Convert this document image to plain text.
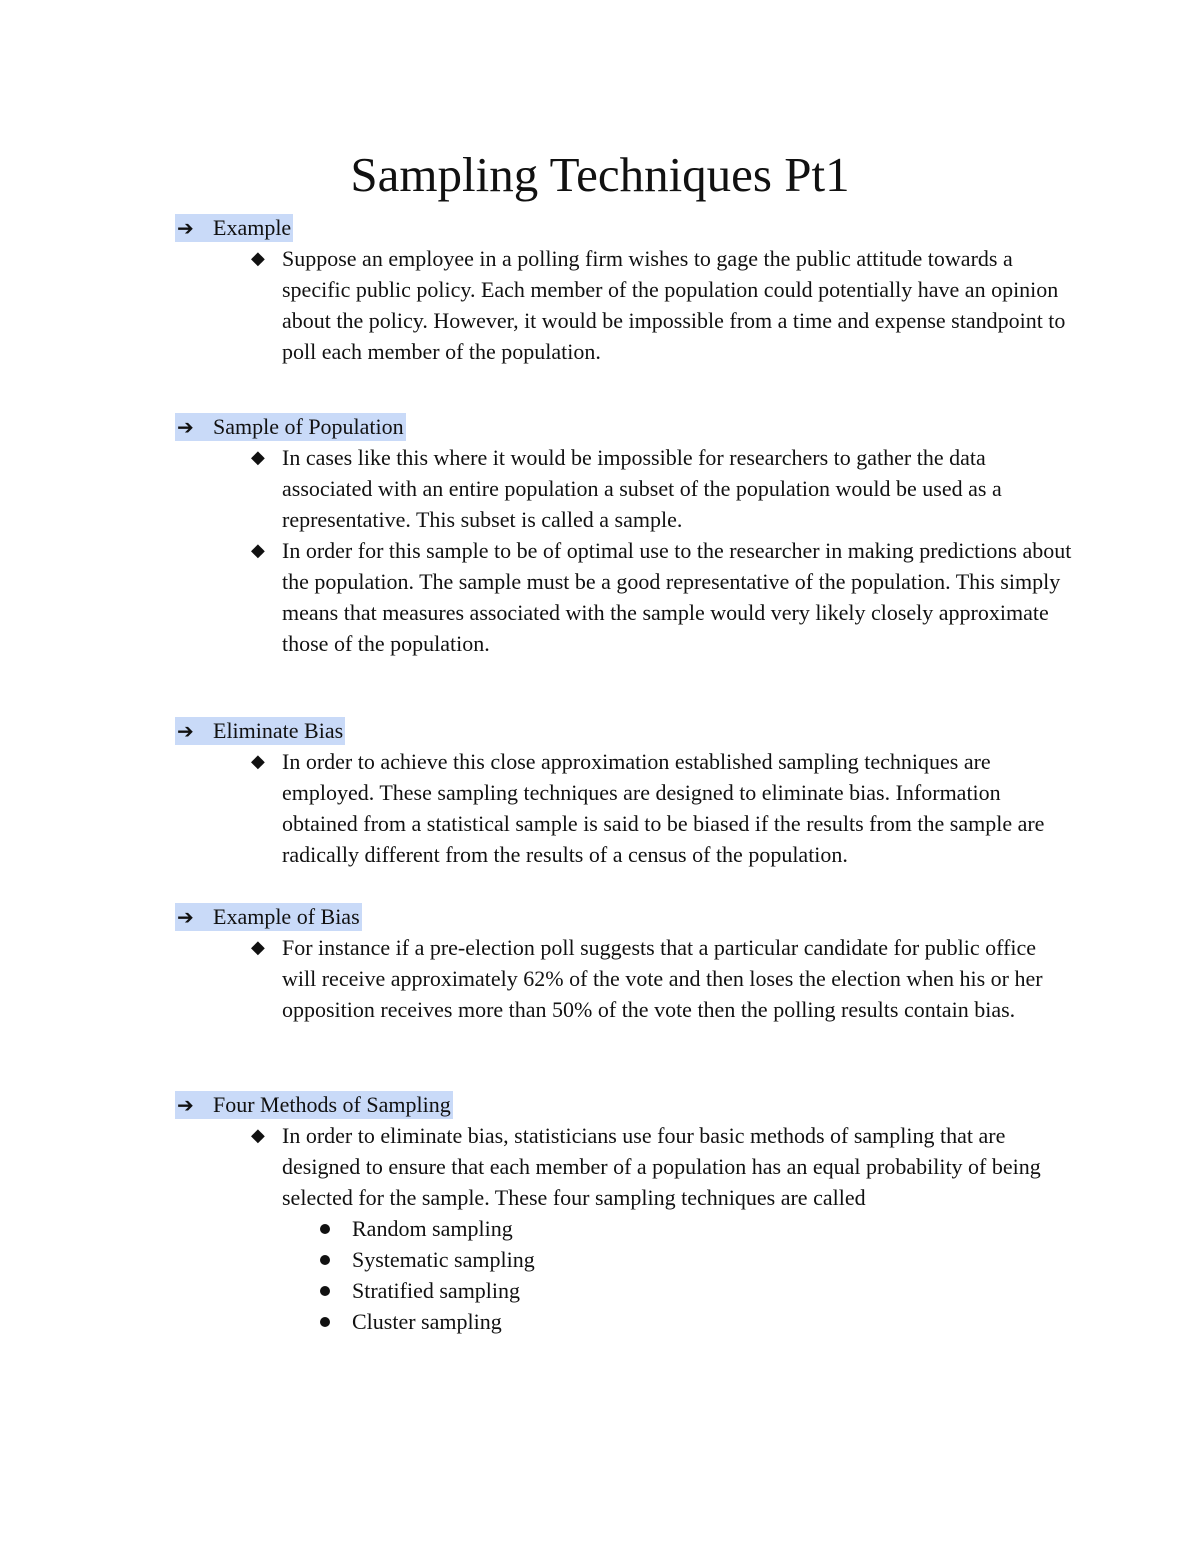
Sampling Techniques Pt1
➔ Example
◆ Suppose an employee in a polling firm wishes to gage the public attitude towards a specific public policy. Each member of the population could potentially have an opinion about the policy. However, it would be impossible from a time and expense standpoint to poll each member of the population.
➔ Sample of Population
◆ In cases like this where it would be impossible for researchers to gather the data associated with an entire population a subset of the population would be used as a representative. This subset is called a sample.
◆ In order for this sample to be of optimal use to the researcher in making predictions about the population. The sample must be a good representative of the population. This simply means that measures associated with the sample would very likely closely approximate those of the population.
➔ Eliminate Bias
◆ In order to achieve this close approximation established sampling techniques are employed. These sampling techniques are designed to eliminate bias. Information obtained from a statistical sample is said to be biased if the results from the sample are radically different from the results of a census of the population.
➔ Example of Bias
◆ For instance if a pre-election poll suggests that a particular candidate for public office will receive approximately 62% of the vote and then loses the election when his or her opposition receives more than 50% of the vote then the polling results contain bias.
➔ Four Methods of Sampling
◆ In order to eliminate bias, statisticians use four basic methods of sampling that are designed to ensure that each member of a population has an equal probability of being selected for the sample. These four sampling techniques are called
Random sampling
Systematic sampling
Stratified sampling
Cluster sampling
